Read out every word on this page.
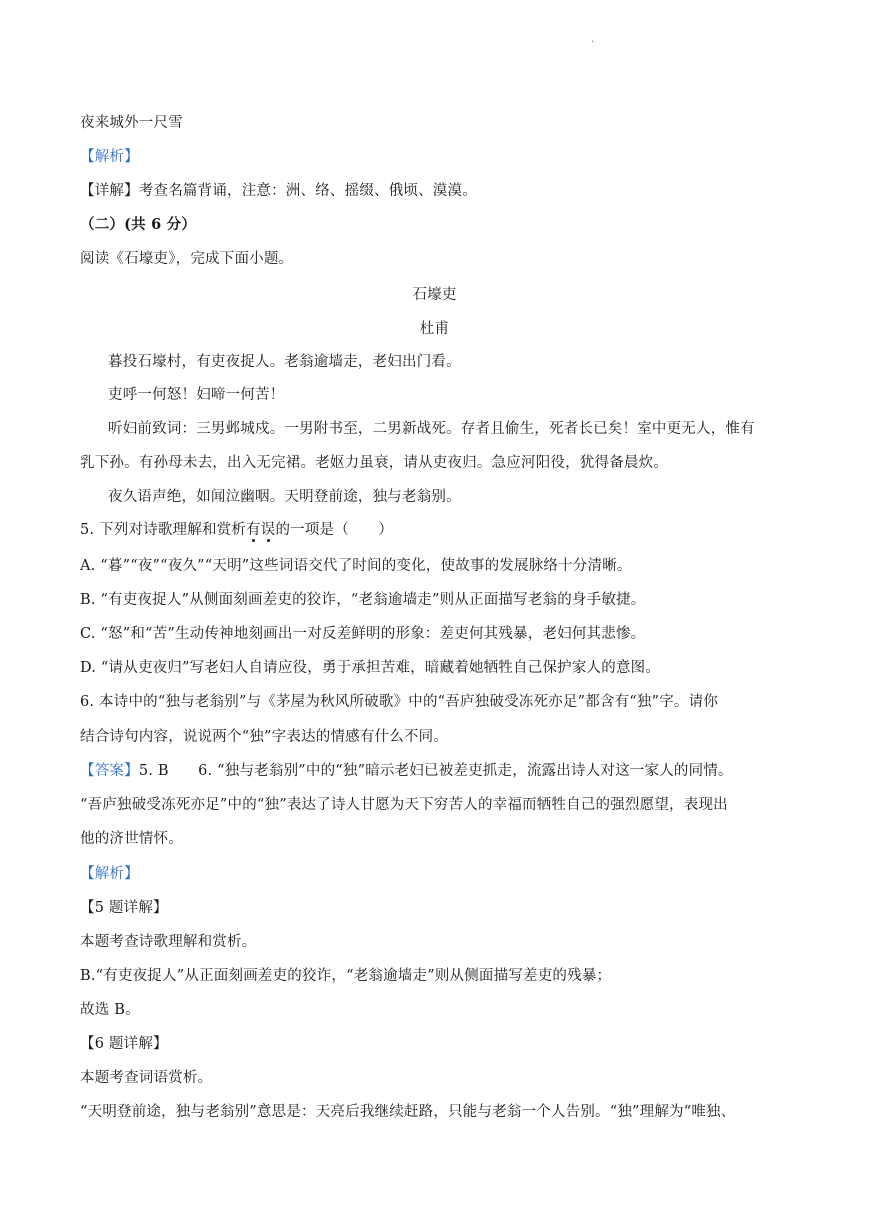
.
夜来城外一尺雪
【解析】
【详解】考查名篇背诵，注意：洲、络、摇缀、俄顷、漠漠。
（二）(共 6 分）
阅读《石壕吏》，完成下面小题。
石壕吏
杜甫
暮投石壕村，有吏夜捉人。老翁逾墙走，老妇出门看。
吏呼一何怒！妇啼一何苦！
听妇前致词：三男邺城戍。一男附书至，二男新战死。存者且偷生，死者长已矣！室中更无人，惟有
乳下孙。有孙母未去，出入无完裙。老妪力虽衰，请从吏夜归。急应河阳役，犹得备晨炊。
夜久语声绝，如闻泣幽咽。天明登前途，独与老翁别。
5. 下列对诗歌理解和赏析有误的一项是（　　）
A. “暮”“夜”“夜久”“天明”这些词语交代了时间的变化，使故事的发展脉络十分清晰。
B. “有吏夜捉人”从侧面刻画差吏的狡诈，“老翁逾墙走”则从正面描写老翁的身手敏捷。
C. “怒”和“苦”生动传神地刻画出一对反差鲜明的形象：差吏何其残暴，老妇何其悲惨。
D. “请从吏夜归”写老妇人自请应役，勇于承担苦难，暗藏着她牺牲自己保护家人的意图。
6. 本诗中的“独与老翁别”与《茅屋为秋风所破歌》中的“吾庐独破受冻死亦足”都含有“独”字。请你
结合诗句内容，说说两个“独”字表达的情感有什么不同。
【答案】5. B　　6. “独与老翁别”中的“独”暗示老妇已被差吏抓走，流露出诗人对这一家人的同情。
“吾庐独破受冻死亦足”中的“独”表达了诗人甘愿为天下穷苦人的幸福而牺牲自己的强烈愿望，表现出
他的济世情怀。
【解析】
【5 题详解】
本题考查诗歌理解和赏析。
B.“有吏夜捉人”从正面刻画差吏的狡诈，“老翁逾墙走”则从侧面描写差吏的残暴；
故选 B。
【6 题详解】
本题考查词语赏析。
“天明登前途，独与老翁别”意思是：天亮后我继续赶路，只能与老翁一个人告别。“独”理解为“唯独、
